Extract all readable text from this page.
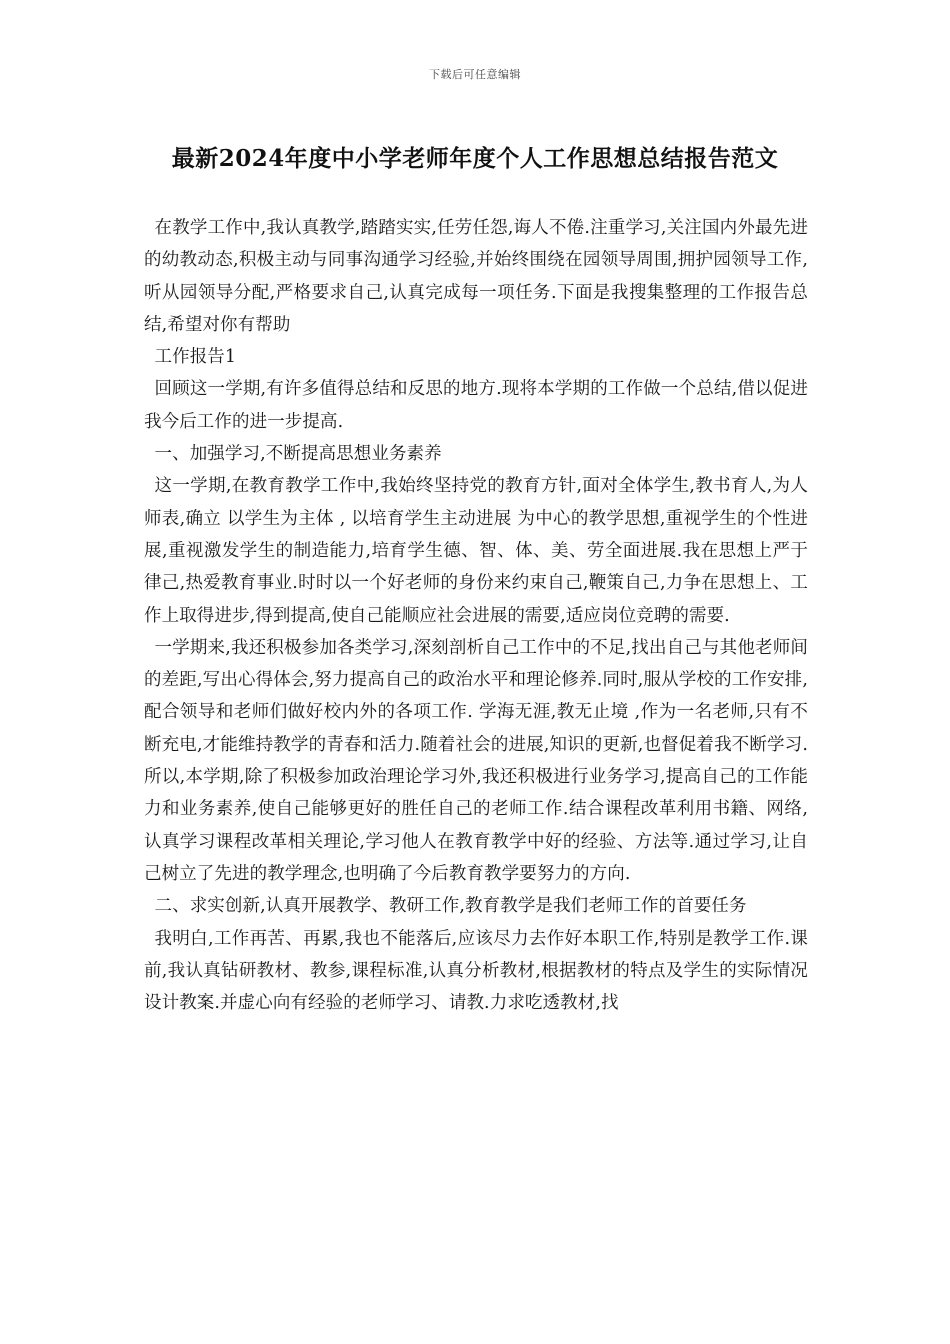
下载后可任意编辑
最新2024年度中小学老师年度个人工作思想总结报告范文

在教学工作中,我认真教学,踏踏实实,任劳任怨,诲人不倦.注重学习,关注国内外最先进的幼教动态,积极主动与同事沟通学习经验,并始终围绕在园领导周围,拥护园领导工作,听从园领导分配,严格要求自己,认真完成每一项任务.下面是我搜集整理的工作报告总结,希望对你有帮助

工作报告1

回顾这一学期,有许多值得总结和反思的地方.现将本学期的工作做一个总结,借以促进我今后工作的进一步提高.

一、加强学习,不断提高思想业务素养

这一学期,在教育教学工作中,我始终坚持党的教育方针,面对全体学生,教书育人,为人师表,确立 以学生为主体 , 以培育学生主动进展 为中心的教学思想,重视学生的个性进展,重视激发学生的制造能力,培育学生德、智、体、美、劳全面进展.我在思想上严于律己,热爱教育事业.时时以一个好老师的身份来约束自己,鞭策自己,力争在思想上、工作上取得进步,得到提高,使自己能顺应社会进展的需要,适应岗位竞聘的需要.

一学期来,我还积极参加各类学习,深刻剖析自己工作中的不足,找出自己与其他老师间的差距,写出心得体会,努力提高自己的政治水平和理论修养.同时,服从学校的工作安排,配合领导和老师们做好校内外的各项工作. 学海无涯,教无止境 ,作为一名老师,只有不断充电,才能维持教学的青春和活力.随着社会的进展,知识的更新,也督促着我不断学习.所以,本学期,除了积极参加政治理论学习外,我还积极进行业务学习,提高自己的工作能力和业务素养,使自己能够更好的胜任自己的老师工作.结合课程改革利用书籍、网络,认真学习课程改革相关理论,学习他人在教育教学中好的经验、方法等.通过学习,让自己树立了先进的教学理念,也明确了今后教育教学要努力的方向.

二、求实创新,认真开展教学、教研工作,教育教学是我们老师工作的首要任务

我明白,工作再苦、再累,我也不能落后,应该尽力去作好本职工作,特别是教学工作.课前,我认真钻研教材、教参,课程标准,认真分析教材,根据教材的特点及学生的实际情况设计教案.并虚心向有经验的老师学习、请教.力求吃透教材,找
